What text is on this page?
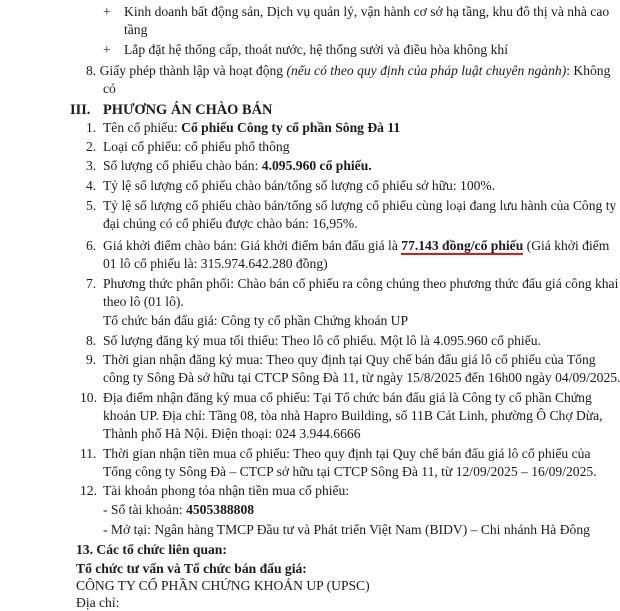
+ Kinh doanh bất động sản, Dịch vụ quản lý, vận hành cơ sở hạ tầng, khu đô thị và nhà cao
tầng
+ Lắp đặt hệ thống cấp, thoát nước, hệ thống sưởi và điều hòa không khí
8. Giấy phép thành lập và hoạt động (nếu có theo quy định của pháp luật chuyên ngành): Không
có
III. PHƯƠNG ÁN CHÀO BÁN
1. Tên cổ phiếu: Cổ phiếu Công ty cổ phần Sông Đà 11
2. Loại cổ phiếu: cổ phiếu phổ thông
3. Số lượng cổ phiếu chào bán: 4.095.960 cổ phiếu.
4. Tỷ lệ số lượng cổ phiếu chào bán/tổng số lượng cổ phiếu sở hữu: 100%.
5. Tỷ lệ số lượng cổ phiếu chào bán/tổng số lượng cổ phiếu cùng loại đang lưu hành của Công ty
đại chúng có cổ phiếu được chào bán: 16,95%.
6. Giá khởi điểm chào bán: Giá khởi điểm bán đấu giá là 77.143 đồng/cổ phiếu (Giá khởi điểm
01 lô cổ phiếu là: 315.974.642.280 đồng)
7. Phương thức phân phối: Chào bán cổ phiếu ra công chúng theo phương thức đấu giá công khai
theo lô (01 lô).
Tổ chức bán đấu giá: Công ty cổ phần Chứng khoán UP
8. Số lượng đăng ký mua tối thiểu: Theo lô cổ phiếu. Một lô là 4.095.960 cổ phiếu.
9. Thời gian nhận đăng ký mua: Theo quy định tại Quy chế bán đấu giá lô cổ phiếu của Tổng
công ty Sông Đà sở hữu tại CTCP Sông Đà 11, từ ngày 15/8/2025 đến 16h00 ngày 04/09/2025.
10. Địa điểm nhận đăng ký mua cổ phiếu: Tại Tổ chức bán đấu giá là Công ty cổ phần Chứng
khoán UP. Địa chỉ: Tầng 08, tòa nhà Hapro Building, số 11B Cát Linh, phường Ô Chợ Dừa,
Thành phố Hà Nội. Điện thoại: 024 3.944.6666
11. Thời gian nhận tiền mua cổ phiếu: Theo quy định tại Quy chế bán đấu giá lô cổ phiếu của
Tổng công ty Sông Đà – CTCP sở hữu tại CTCP Sông Đà 11, từ 12/09/2025 – 16/09/2025.
12. Tài khoản phong tỏa nhận tiền mua cổ phiếu:
- Số tài khoản: 4505388808
- Mở tại: Ngân hàng TMCP Đầu tư và Phát triển Việt Nam (BIDV) – Chi nhánh Hà Đông
13. Các tổ chức liên quan:
Tổ chức tư vấn và Tổ chức bán đấu giá:
CÔNG TY CỔ PHẦN CHỨNG KHOÁN UP (UPSC)
Địa chỉ:
